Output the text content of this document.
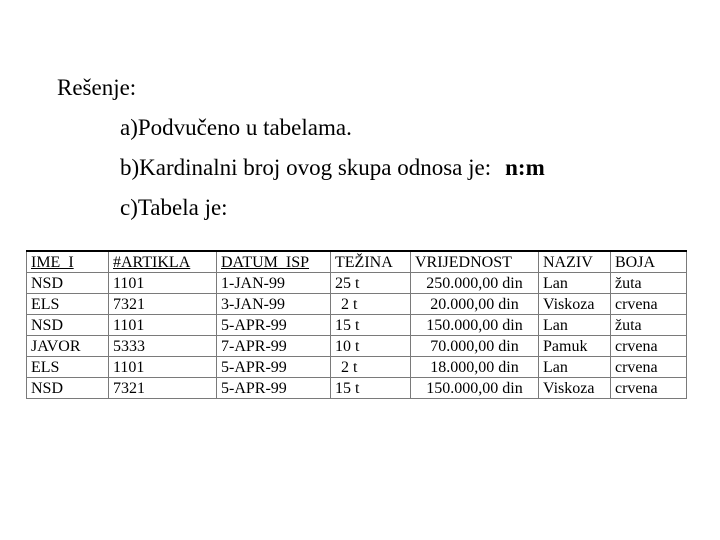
Rešenje:
a)Podvučeno u tabelama.
b)Kardinalni broj ovog skupa odnosa je: n:m
c)Tabela je:
IME_I	#ARTIKLA	DATUM_ISP	TEŽINA	VRIJEDNOST	NAZIV	BOJA
NSD	1101	1-JAN-99	25 t	250.000,00 din	Lan	žuta
ELS	7321	3-JAN-99	2 t	20.000,00 din	Viskoza	crvena
NSD	1101	5-APR-99	15 t	150.000,00 din	Lan	žuta
JAVOR	5333	7-APR-99	10 t	70.000,00 din	Pamuk	crvena
ELS	1101	5-APR-99	2 t	18.000,00 din	Lan	crvena
NSD	7321	5-APR-99	15 t	150.000,00 din	Viskoza	crvena
